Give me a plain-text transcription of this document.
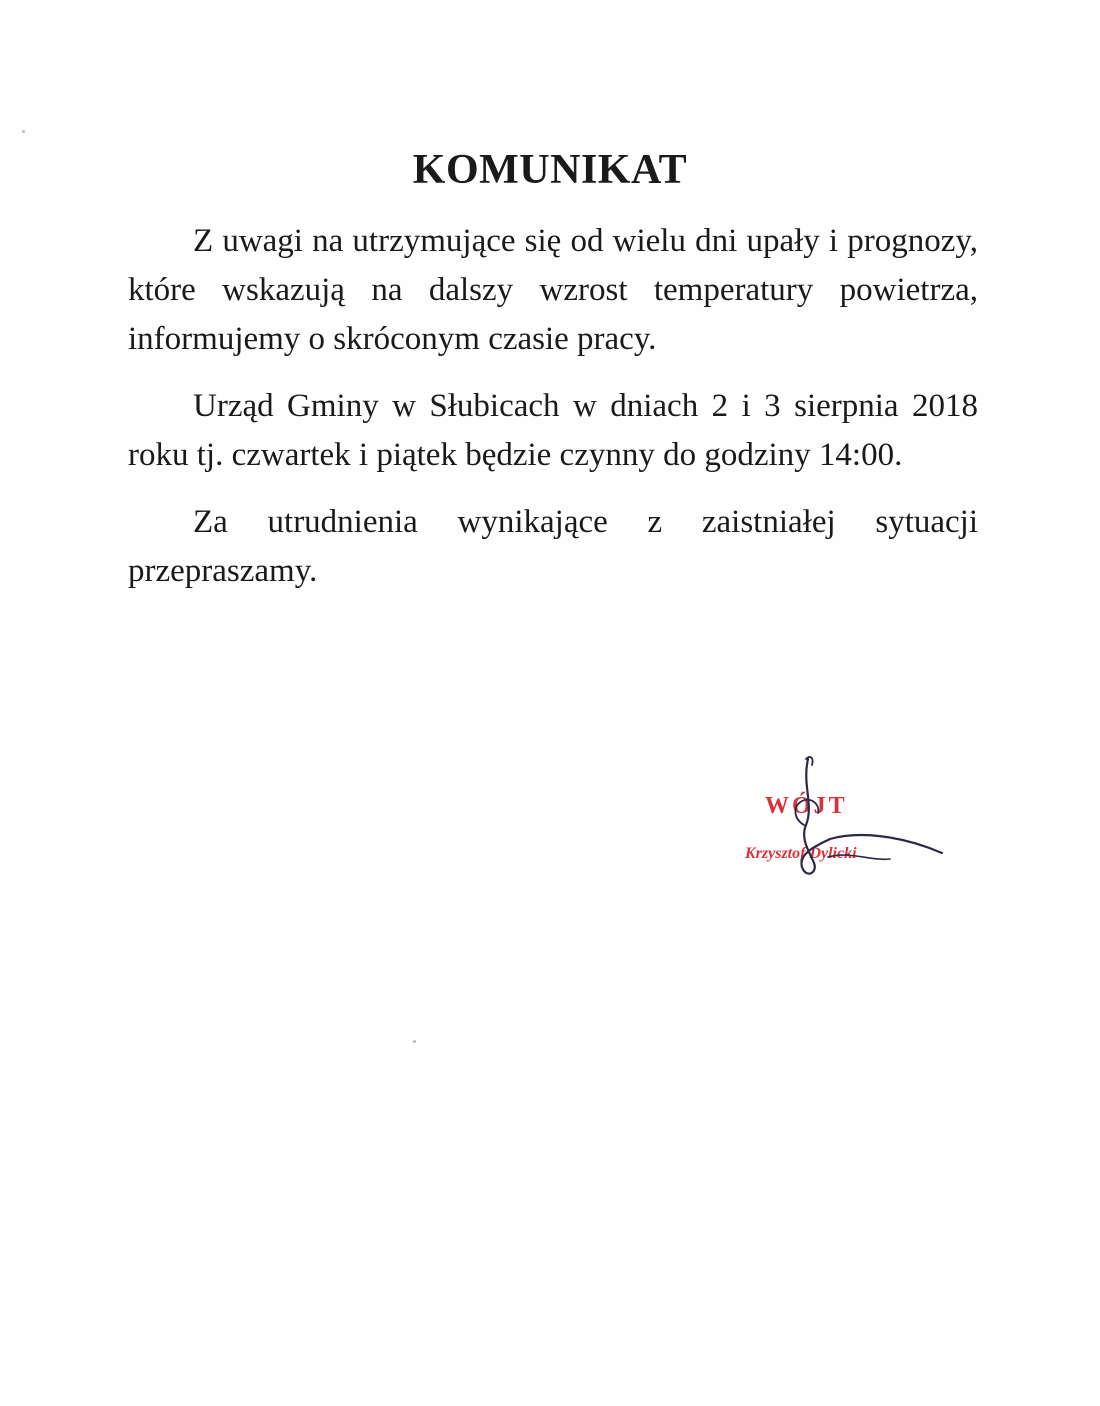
KOMUNIKAT

Z uwagi na utrzymujące się od wielu dni upały i prognozy, które wskazują na dalszy wzrost temperatury powietrza, informujemy o skróconym czasie pracy.

Urząd Gminy w Słubicach w dniach 2 i 3 sierpnia 2018 roku tj. czwartek i piątek będzie czynny do godziny 14:00.

Za utrudnienia wynikające z zaistniałej sytuacji przepraszamy.

WÓJT
Krzysztof Dylicki
